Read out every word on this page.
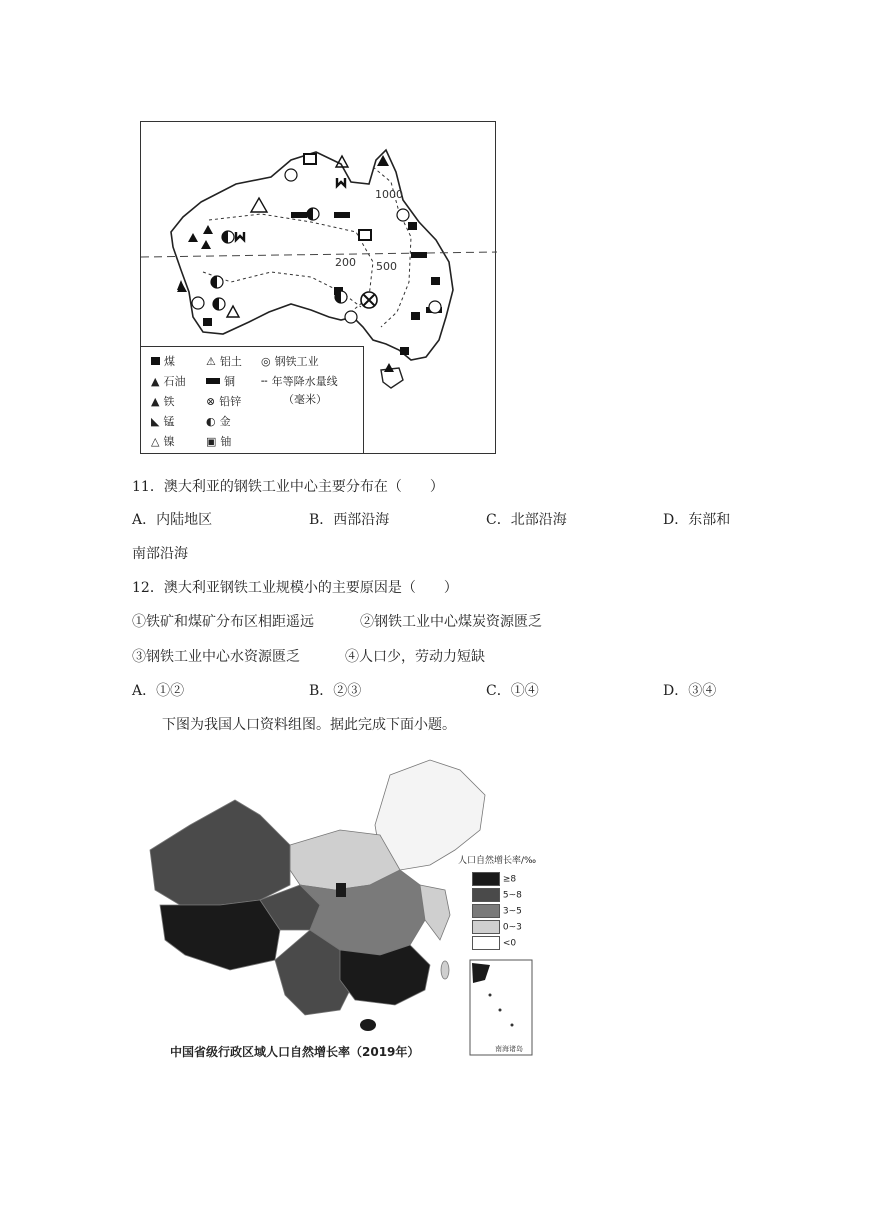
1000
200 500
煤	⚠ 铝土 ◎ 钢铁工业
▲ 石油	铜 ╌ 年等降水量线
▲ 铁	⊗ 铅锌	（毫米）
◣ 锰	◐ 金
△ 镍	▣ 铀
11．澳大利亚的钢铁工业中心主要分布在（　　）
A．内陆地区	B．西部沿海	C．北部沿海	D．东部和
南部沿海
12．澳大利亚钢铁工业规模小的主要原因是（　　）
①铁矿和煤矿分布区相距遥远	②钢铁工业中心煤炭资源匮乏
③钢铁工业中心水资源匮乏	④人口少，劳动力短缺
A．①②	B．②③	C．①④	D．③④
下图为我国人口资料组图。据此完成下面小题。
南海诸岛
人口自然增长率/‰
≥8
5~8
3~5
0~3
<0
中国省级行政区域人口自然增长率（2019年）
